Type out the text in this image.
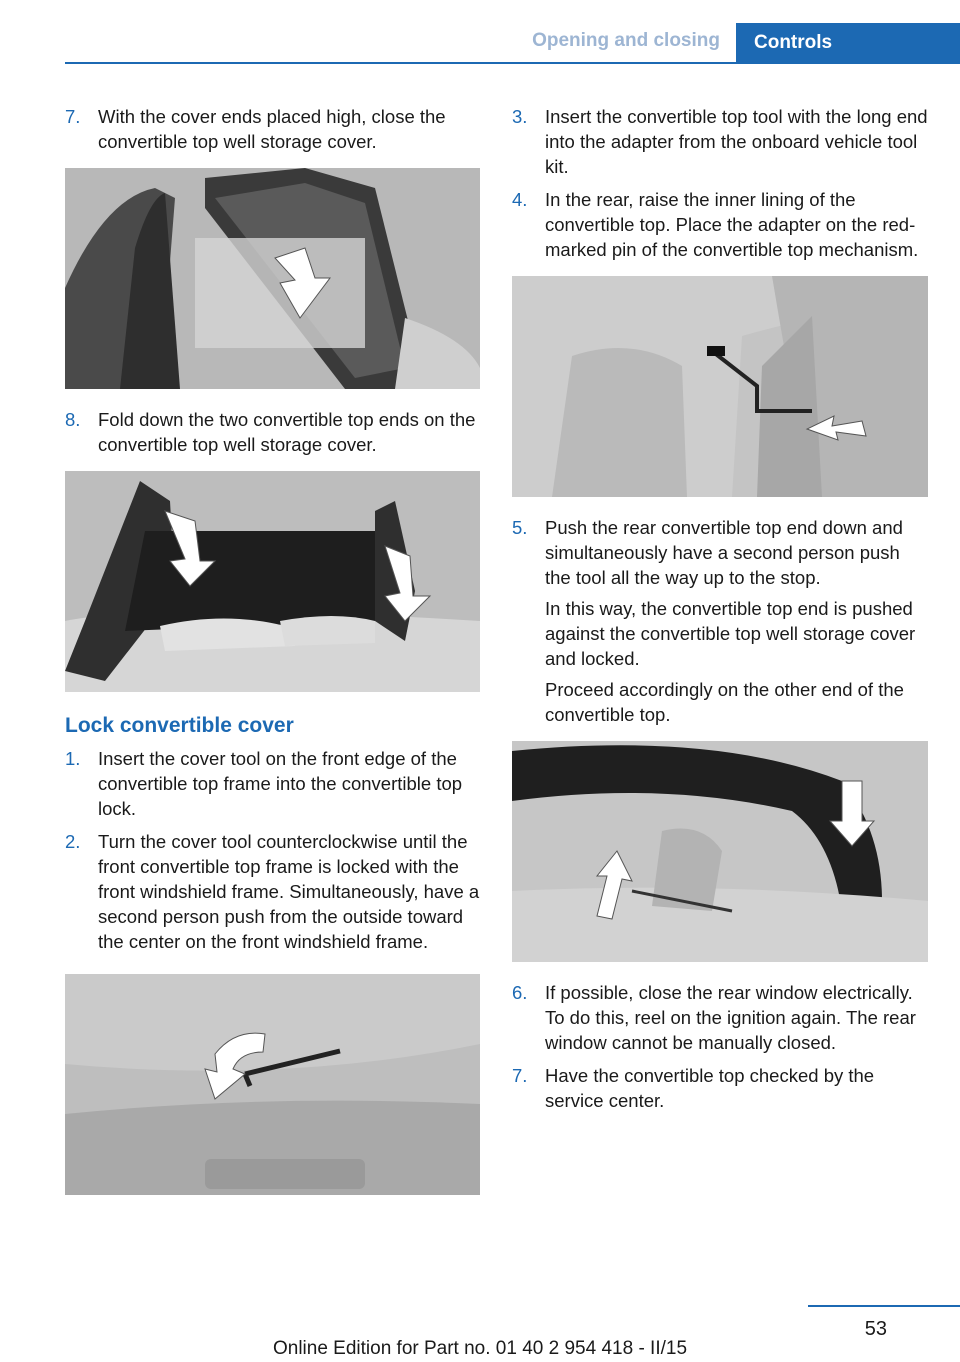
Opening and closing	Controls
7. With the cover ends placed high, close the convertible top well storage cover.

8. Fold down the two convertible top ends on the convertible top well storage cover.

Lock convertible cover
1. Insert the cover tool on the front edge of the convertible top frame into the convertible top lock.

2. Turn the cover tool counterclockwise until the front convertible top frame is locked with the front windshield frame. Simultaneously, have a second person push from the outside toward the center on the front windshield frame.

3. Insert the convertible top tool with the long end into the adapter from the onboard vehicle tool kit.

4. In the rear, raise the inner lining of the convertible top. Place the adapter on the red-marked pin of the convertible top mechanism.

5. Push the rear convertible top end down and simultaneously have a second person push the tool all the way up to the stop.

In this way, the convertible top end is pushed against the convertible top well storage cover and locked.

Proceed accordingly on the other end of the convertible top.

6. If possible, close the rear window electrically. To do this, reel on the ignition again. The rear window cannot be manually closed.

7. Have the convertible top checked by the service center.

53
Online Edition for Part no. 01 40 2 954 418 - II/15
